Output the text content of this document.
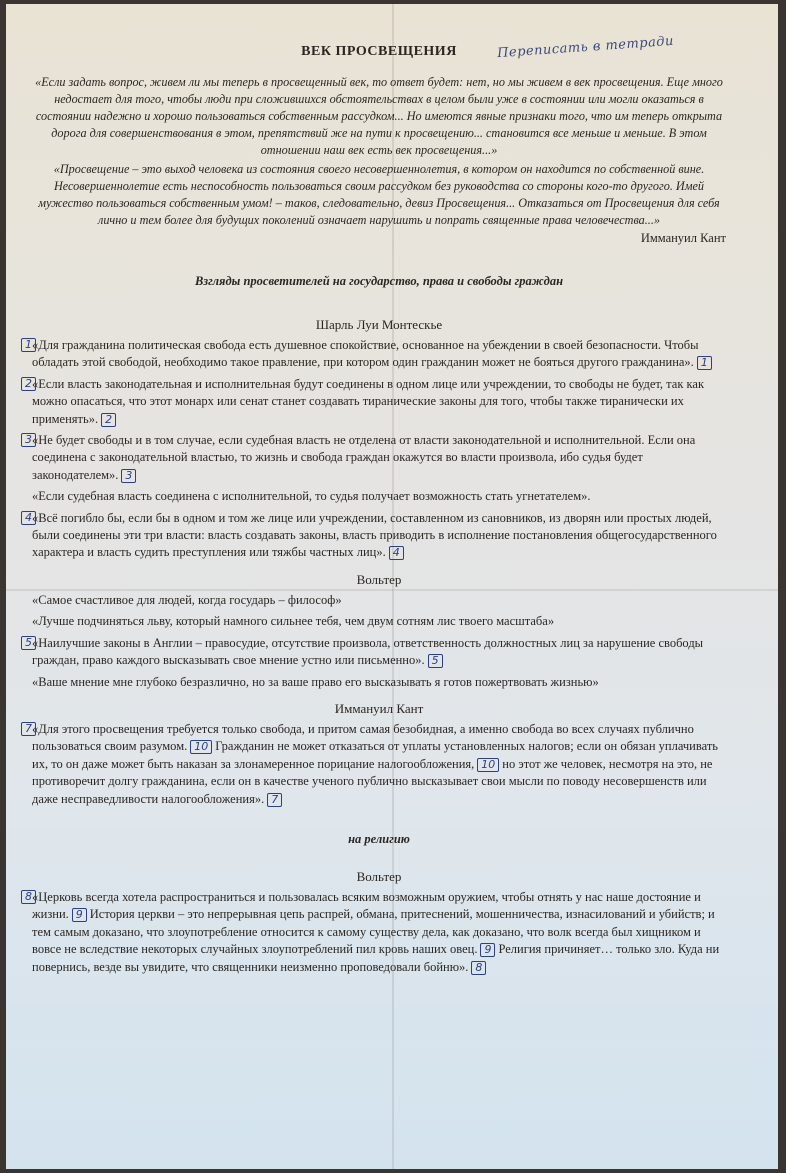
ВЕК ПРОСВЕЩЕНИЯ	Переписать в тетради

«Если задать вопрос, живем ли мы теперь в просвещенный век, то ответ будет: нет, но мы живем в век просвещения. Еще много недостает для того, чтобы люди при сложившихся обстоятельствах в целом были уже в состоянии или могли оказаться в состоянии надежно и хорошо пользоваться собственным рассудком... Но имеются явные признаки того, что им теперь открыта дорога для совершенствования в этом, препятствий же на пути к просвещению... становится все меньше и меньше. В этом отношении наш век есть век просвещения...»

«Просвещение – это выход человека из состояния своего несовершеннолетия, в котором он находится по собственной вине. Несовершеннолетие есть неспособность пользоваться своим рассудком без руководства со стороны кого-то другого. Имей мужество пользоваться собственным умом! – таков, следовательно, девиз Просвещения... Отказаться от Просвещения для себя лично и тем более для будущих поколений означает нарушить и попрать священные права человечества...»

Иммануил Кант
Взгляды просветителей на государство, права и свободы граждан
Шарль Луи Монтескье

1 «Для гражданина политическая свобода есть душевное спокойствие, основанное на убеждении в своей безопасности. Чтобы обладать этой свободой, необходимо такое правление, при котором один гражданин может не бояться другого гражданина». 1

2 «Если власть законодательная и исполнительная будут соединены в одном лице или учреждении, то свободы не будет, так как можно опасаться, что этот монарх или сенат станет создавать тиранические законы для того, чтобы также тиранически их применять». 2

3 «Не будет свободы и в том случае, если судебная власть не отделена от власти законодательной и исполнительной. Если она соединена с законодательной властью, то жизнь и свобода граждан окажутся во власти произвола, ибо судья будет законодателем». 3

«Если судебная власть соединена с исполнительной, то судья получает возможность стать угнетателем».

4 «Всё погибло бы, если бы в одном и том же лице или учреждении, составленном из сановников, из дворян или простых людей, были соединены эти три власти: власть создавать законы, власть приводить в исполнение постановления общегосударственного характера и власть судить преступления или тяжбы частных лиц». 4

Вольтер

«Самое счастливое для людей, когда государь – философ»

«Лучше подчиняться льву, который намного сильнее тебя, чем двум сотням лис твоего масштаба»

5 «Наилучшие законы в Англии – правосудие, отсутствие произвола, ответственность должностных лиц за нарушение свободы граждан, право каждого высказывать свое мнение устно или письменно». 5

«Ваше мнение мне глубоко безразлично, но за ваше право его высказывать я готов пожертвовать жизнью»

Иммануил Кант

7 «Для этого просвещения требуется только свобода, и притом самая безобидная, а именно свобода во всех случаях публично пользоваться своим разумом. 10 Гражданин не может отказаться от уплаты установленных налогов; если он обязан уплачивать их, то он даже может быть наказан за злонамеренное порицание налогообложения, 10 но этот же человек, несмотря на это, не противоречит долгу гражданина, если он в качестве ученого публично высказывает свои мысли по поводу несовершенств или даже несправедливости налогообложения». 7

на религию
Вольтер

8 «Церковь всегда хотела распространиться и пользовалась всяким возможным оружием, чтобы отнять у нас наше достояние и жизни. 9 История церкви – это непрерывная цепь распрей, обмана, притеснений, мошенничества, изнасилований и убийств; и тем самым доказано, что злоупотребление относится к самому существу дела, как доказано, что волк всегда был хищником и вовсе не вследствие некоторых случайных злоупотреблений пил кровь наших овец. 9 Религия причиняет… только зло. Куда ни повернись, везде вы увидите, что священники неизменно проповедовали бойню». 8
